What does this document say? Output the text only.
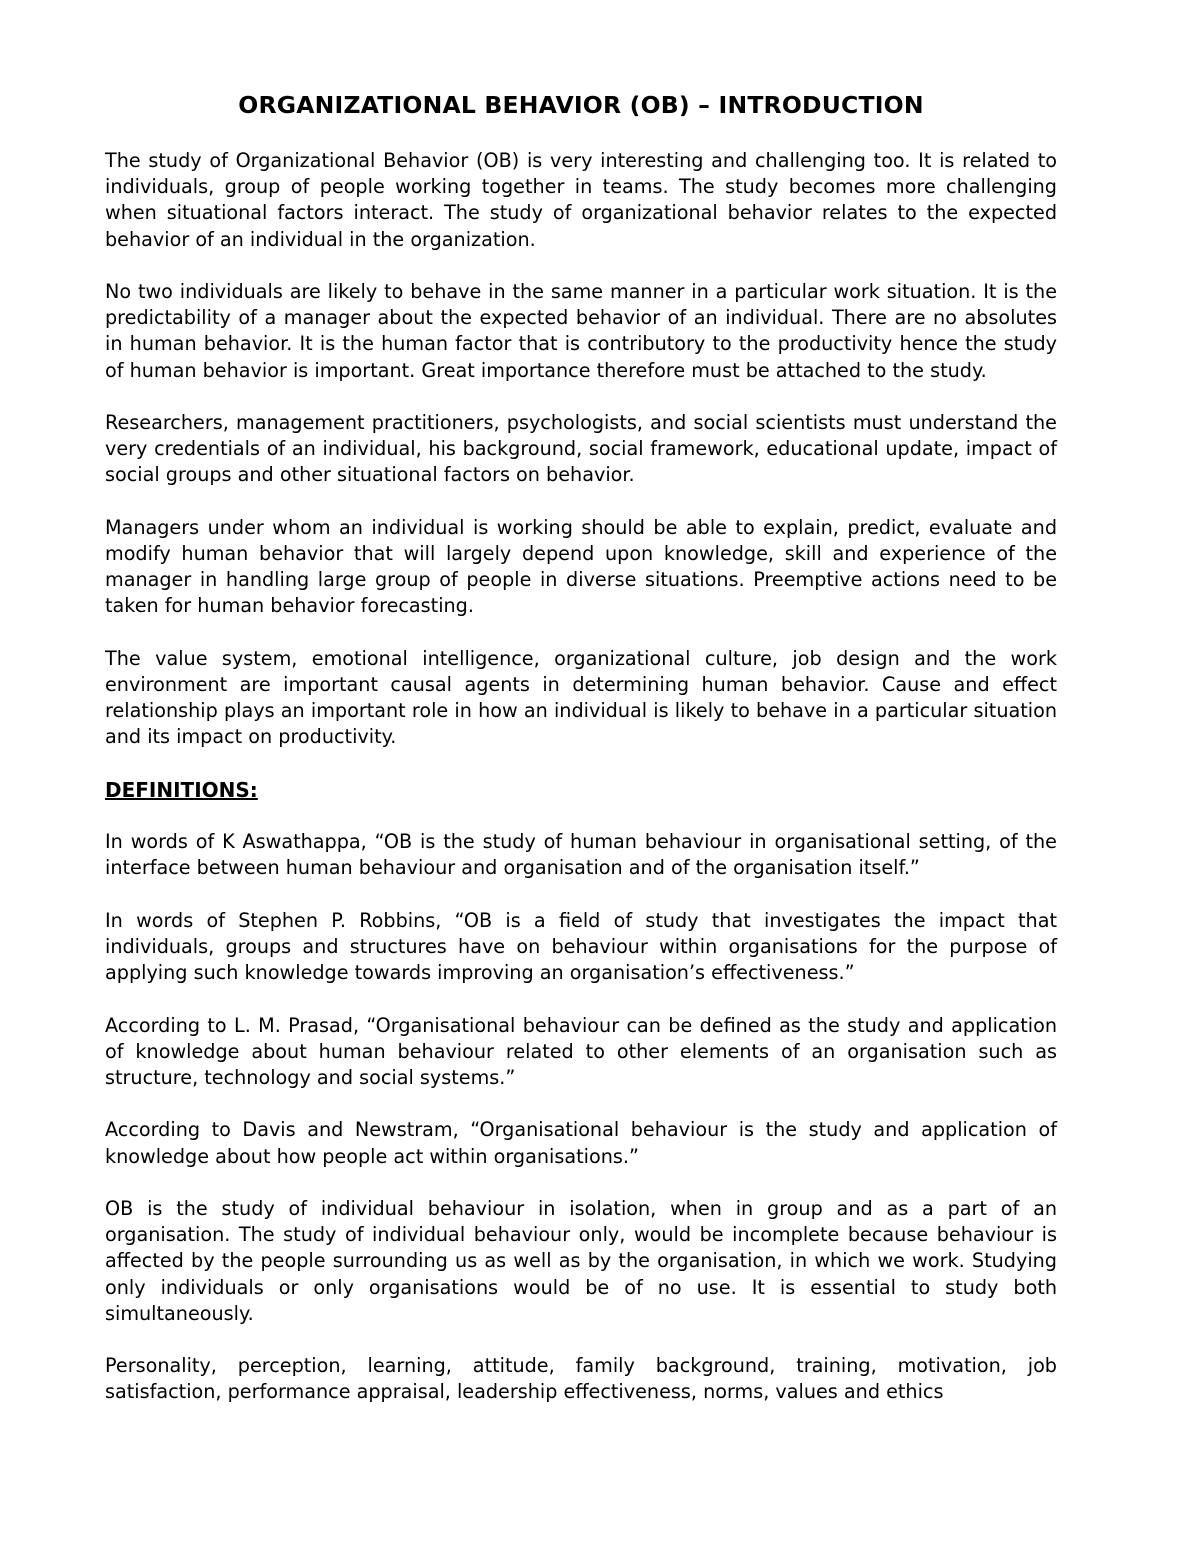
ORGANIZATIONAL BEHAVIOR (OB) – INTRODUCTION

The study of Organizational Behavior (OB) is very interesting and challenging too. It is related to individuals, group of people working together in teams. The study becomes more challenging when situational factors interact. The study of organizational behavior relates to the expected behavior of an individual in the organization.

No two individuals are likely to behave in the same manner in a particular work situation. It is the predictability of a manager about the expected behavior of an individual. There are no absolutes in human behavior. It is the human factor that is contributory to the productivity hence the study of human behavior is important. Great importance therefore must be attached to the study.

Researchers, management practitioners, psychologists, and social scientists must understand the very credentials of an individual, his background, social framework, educational update, impact of social groups and other situational factors on behavior.

Managers under whom an individual is working should be able to explain, predict, evaluate and modify human behavior that will largely depend upon knowledge, skill and experience of the manager in handling large group of people in diverse situations. Preemptive actions need to be taken for human behavior forecasting.

The value system, emotional intelligence, organizational culture, job design and the work environment are important causal agents in determining human behavior. Cause and effect relationship plays an important role in how an individual is likely to behave in a particular situation and its impact on productivity.

DEFINITIONS:

In words of K Aswathappa, “OB is the study of human behaviour in organisational setting, of the interface between human behaviour and organisation and of the organisation itself.”

In words of Stephen P. Robbins, “OB is a field of study that investigates the impact that individuals, groups and structures have on behaviour within organisations for the purpose of applying such knowledge towards improving an organisation’s effectiveness.”

According to L. M. Prasad, “Organisational behaviour can be defined as the study and application of knowledge about human behaviour related to other elements of an organisation such as structure, technology and social systems.”

According to Davis and Newstram, “Organisational behaviour is the study and application of knowledge about how people act within organisations.”

OB is the study of individual behaviour in isolation, when in group and as a part of an organisation. The study of individual behaviour only, would be incomplete because behaviour is affected by the people surrounding us as well as by the organisation, in which we work. Studying only individuals or only organisations would be of no use. It is essential to study both simultaneously.

Personality, perception, learning, attitude, family background, training, motivation, job satisfaction, performance appraisal, leadership effectiveness, norms, values and ethics
